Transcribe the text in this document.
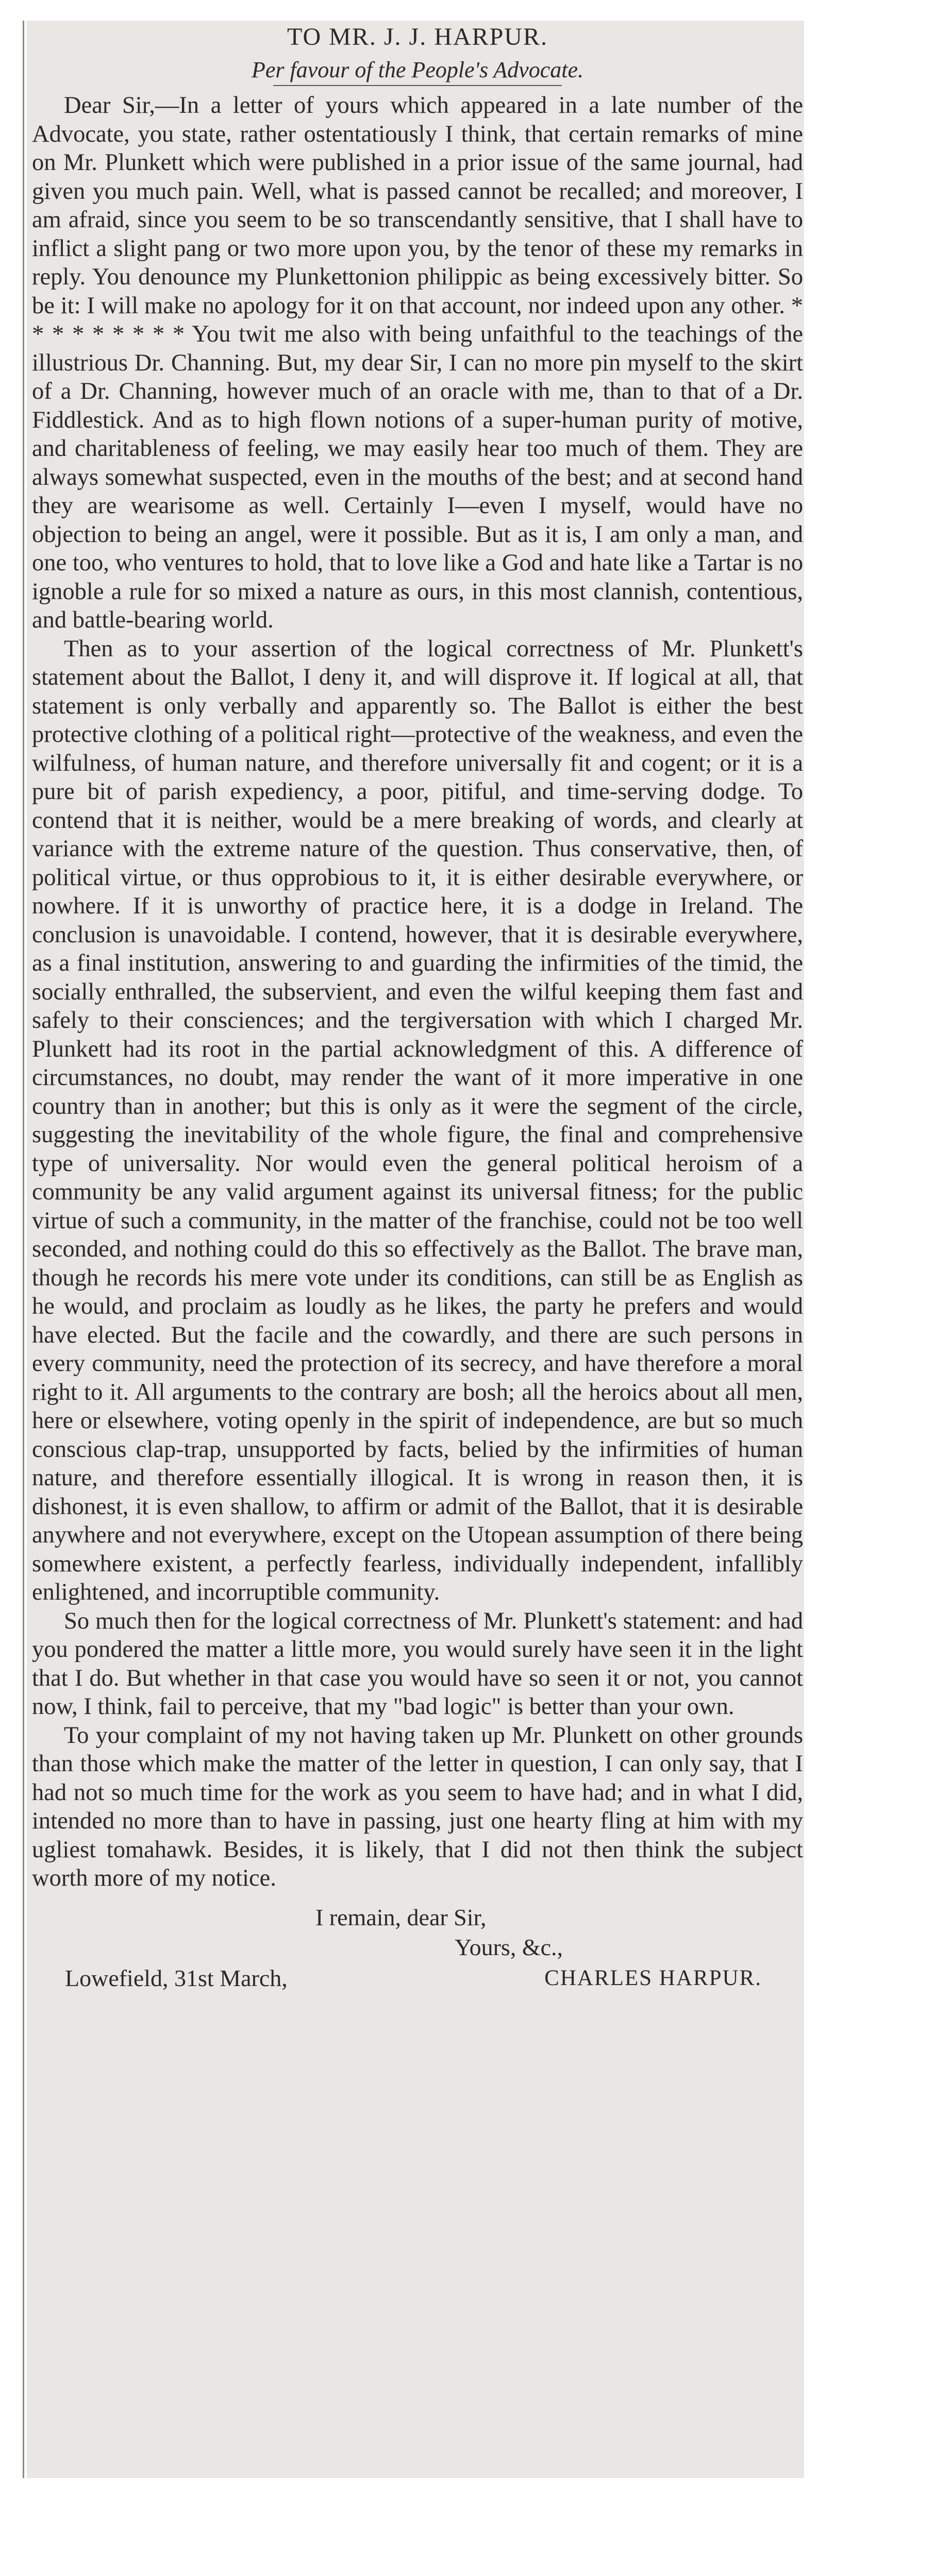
TO MR. J. J. HARPUR.
Per favour of the People's Advocate.

Dear Sir,—In a letter of yours which appeared in a late number of the Advocate, you state, rather ostentatiously I think, that certain remarks of mine on Mr. Plunkett which were published in a prior issue of the same journal, had given you much pain. Well, what is passed cannot be recalled; and moreover, I am afraid, since you seem to be so transcendantly sensitive, that I shall have to inflict a slight pang or two more upon you, by the tenor of these my remarks in reply. You denounce my Plunkettonion philippic as being excessively bitter. So be it: I will make no apology for it on that account, nor indeed upon any other. * * * * * * * * * You twit me also with being unfaithful to the teachings of the illustrious Dr. Channing. But, my dear Sir, I can no more pin myself to the skirt of a Dr. Channing, however much of an oracle with me, than to that of a Dr. Fiddlestick. And as to high flown notions of a super-human purity of motive, and charitableness of feeling, we may easily hear too much of them. They are always somewhat suspected, even in the mouths of the best; and at second hand they are wearisome as well. Certainly I—even I myself, would have no objection to being an angel, were it possible. But as it is, I am only a man, and one too, who ventures to hold, that to love like a God and hate like a Tartar is no ignoble a rule for so mixed a nature as ours, in this most clannish, contentious, and battle-bearing world.

Then as to your assertion of the logical correctness of Mr. Plunkett's statement about the Ballot, I deny it, and will disprove it. If logical at all, that statement is only verbally and apparently so. The Ballot is either the best protective clothing of a political right—protective of the weakness, and even the wilfulness, of human nature, and therefore universally fit and cogent; or it is a pure bit of parish expediency, a poor, pitiful, and time-serving dodge. To contend that it is neither, would be a mere breaking of words, and clearly at variance with the extreme nature of the question. Thus conservative, then, of political virtue, or thus opprobious to it, it is either desirable everywhere, or nowhere. If it is unworthy of practice here, it is a dodge in Ireland. The conclusion is unavoidable. I contend, however, that it is desirable everywhere, as a final institution, answering to and guarding the infirmities of the timid, the socially enthralled, the subservient, and even the wilful keeping them fast and safely to their consciences; and the tergiversation with which I charged Mr. Plunkett had its root in the partial acknowledgment of this. A difference of circumstances, no doubt, may render the want of it more imperative in one country than in another; but this is only as it were the segment of the circle, suggesting the inevitability of the whole figure, the final and comprehensive type of universality. Nor would even the general political heroism of a community be any valid argument against its universal fitness; for the public virtue of such a community, in the matter of the franchise, could not be too well seconded, and nothing could do this so effectively as the Ballot. The brave man, though he records his mere vote under its conditions, can still be as English as he would, and proclaim as loudly as he likes, the party he prefers and would have elected. But the facile and the cowardly, and there are such persons in every community, need the protection of its secrecy, and have therefore a moral right to it. All arguments to the contrary are bosh; all the heroics about all men, here or elsewhere, voting openly in the spirit of independence, are but so much conscious clap-trap, unsupported by facts, belied by the infirmities of human nature, and therefore essentially illogical. It is wrong in reason then, it is dishonest, it is even shallow, to affirm or admit of the Ballot, that it is desirable anywhere and not everywhere, except on the Utopean assumption of there being somewhere existent, a perfectly fearless, individually independent, infallibly enlightened, and incorruptible community.

So much then for the logical correctness of Mr. Plunkett's statement: and had you pondered the matter a little more, you would surely have seen it in the light that I do. But whether in that case you would have so seen it or not, you cannot now, I think, fail to perceive, that my "bad logic" is better than your own.

To your complaint of my not having taken up Mr. Plunkett on other grounds than those which make the matter of the letter in question, I can only say, that I had not so much time for the work as you seem to have had; and in what I did, intended no more than to have in passing, just one hearty fling at him with my ugliest tomahawk. Besides, it is likely, that I did not then think the subject worth more of my notice.

I remain, dear Sir,
Yours, &c.,
Lowefield, 31st March,	CHARLES HARPUR.
